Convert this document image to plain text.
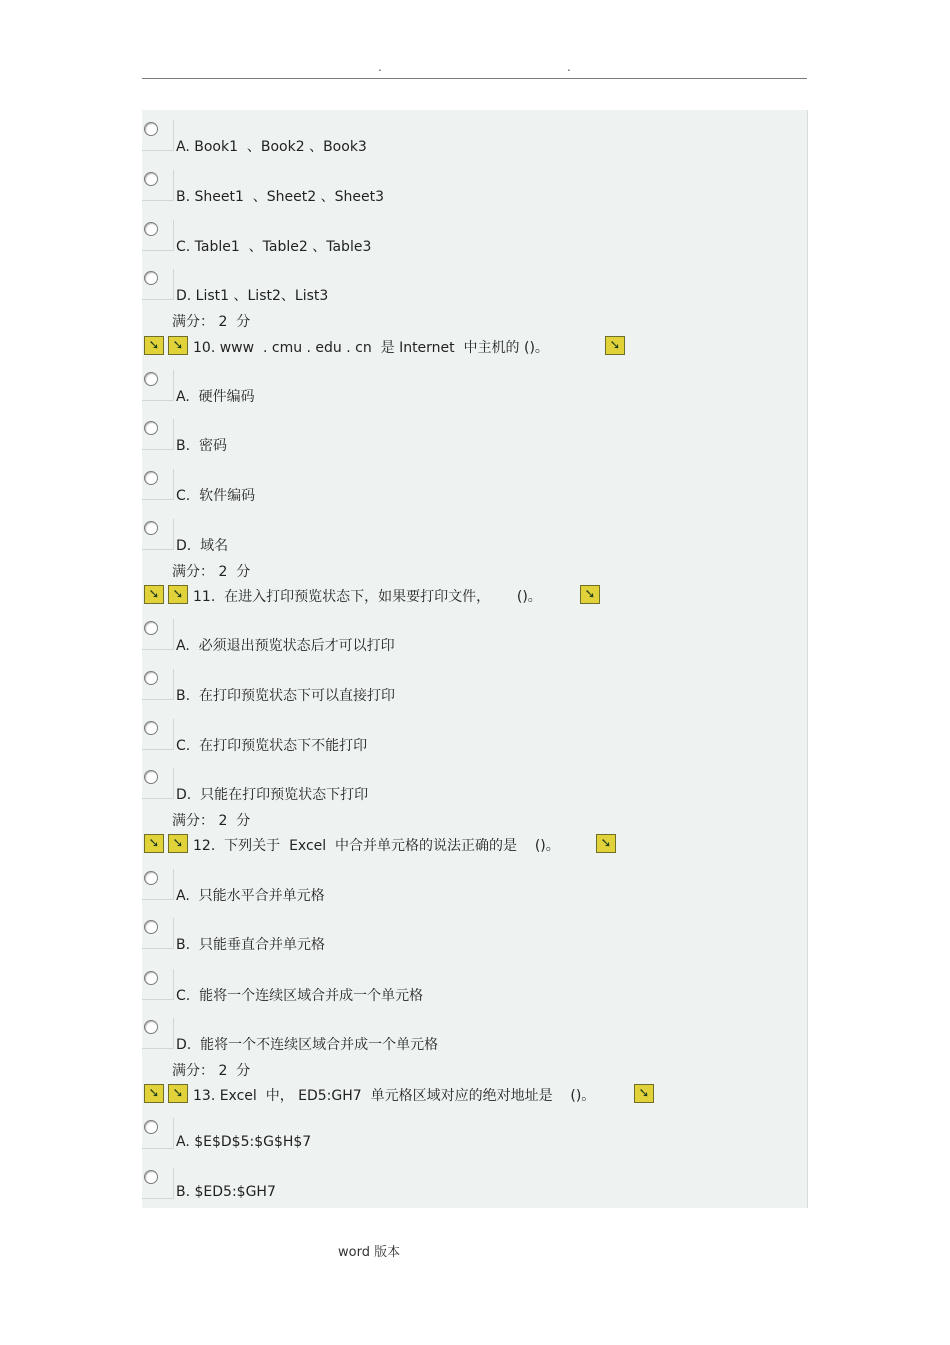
.	.
A. Book1  、Book2 、Book3
B. Sheet1  、Sheet2 、Sheet3
C. Table1  、Table2 、Table3
D. List1 、List2、List3
满分： 2  分
➘ ➘ 10. www  . cmu . edu . cn  是 Internet  中主机的 ()。	➘
A.  硬件编码
B.  密码
C.  软件编码
D.  域名
满分： 2  分
➘ ➘ 11.  在进入打印预览状态下，如果要打印文件，      ()。	➘
A.  必须退出预览状态后才可以打印
B.  在打印预览状态下可以直接打印
C.  在打印预览状态下不能打印
D.  只能在打印预览状态下打印
满分： 2  分
➘ ➘ 12.  下列关于  Excel  中合并单元格的说法正确的是    ()。	➘
A.  只能水平合并单元格
B.  只能垂直合并单元格
C.  能将一个连续区域合并成一个单元格
D.  能将一个不连续区域合并成一个单元格
满分： 2  分
➘ ➘ 13. Excel  中， ED5:GH7  单元格区域对应的绝对地址是    ()。	➘
A. $E$D$5:$G$H$7
B. $ED5:$GH7
word 版本
